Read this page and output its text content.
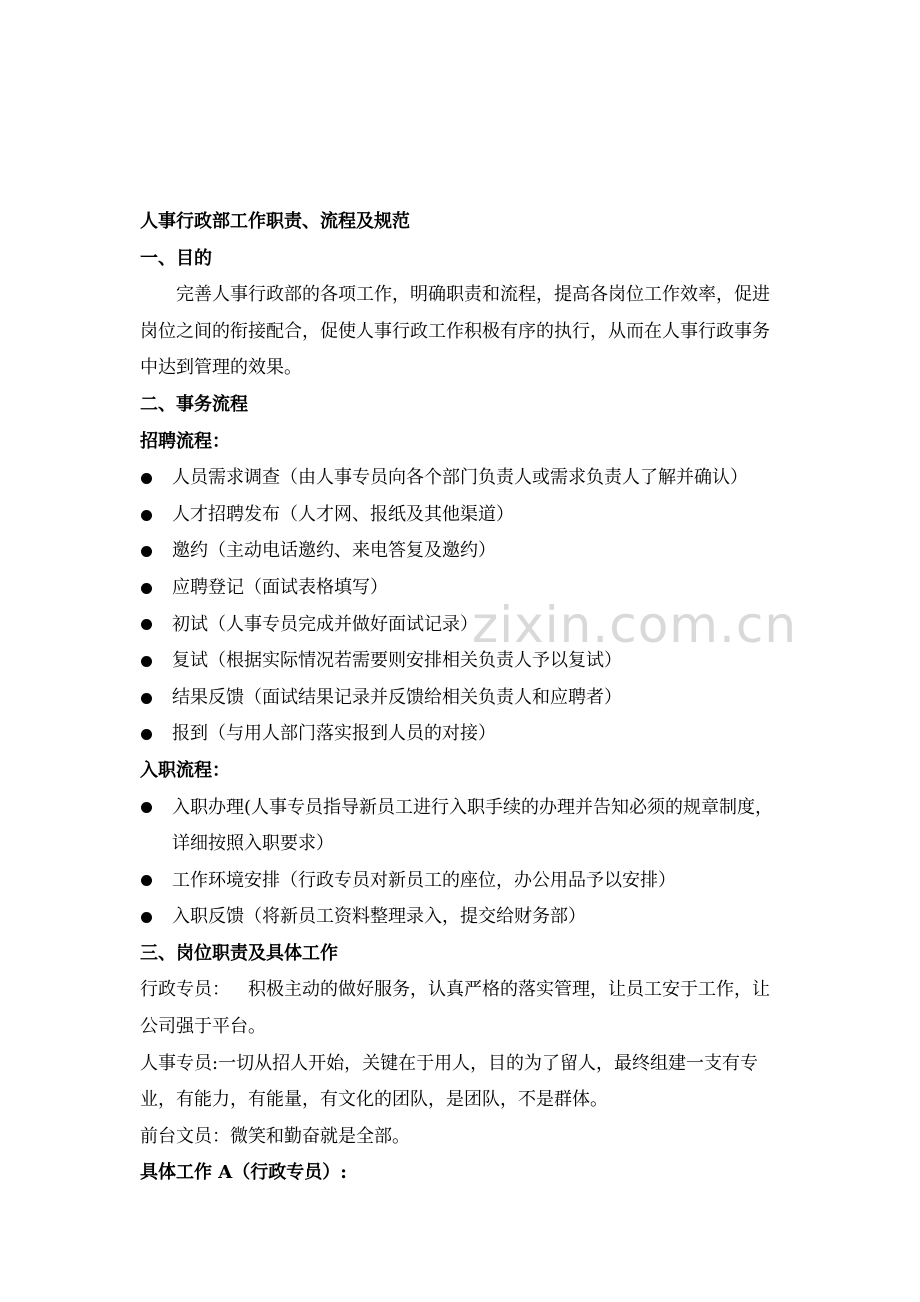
zixin.com.cn
人事行政部工作职责、流程及规范
一、目的
完善人事行政部的各项工作，明确职责和流程，提高各岗位工作效率，促进
岗位之间的衔接配合，促使人事行政工作积极有序的执行，从而在人事行政事务
中达到管理的效果。
二、事务流程
招聘流程：
人员需求调查（由人事专员向各个部门负责人或需求负责人了解并确认）
人才招聘发布（人才网、报纸及其他渠道）
邀约（主动电话邀约、来电答复及邀约）
应聘登记（面试表格填写）
初试（人事专员完成并做好面试记录）
复试（根据实际情况若需要则安排相关负责人予以复试）
结果反馈（面试结果记录并反馈给相关负责人和应聘者）
报到（与用人部门落实报到人员的对接）
入职流程：
入职办理(人事专员指导新员工进行入职手续的办理并告知必须的规章制度，
详细按照入职要求）
工作环境安排（行政专员对新员工的座位，办公用品予以安排）
入职反馈（将新员工资料整理录入，提交给财务部）
三、岗位职责及具体工作
行政专员： 积极主动的做好服务，认真严格的落实管理，让员工安于工作，让
公司强于平台。
人事专员:一切从招人开始，关键在于用人，目的为了留人，最终组建一支有专
业，有能力，有能量，有文化的团队，是团队，不是群体。
前台文员：微笑和勤奋就是全部。
具体工作 A（行政专员）:
